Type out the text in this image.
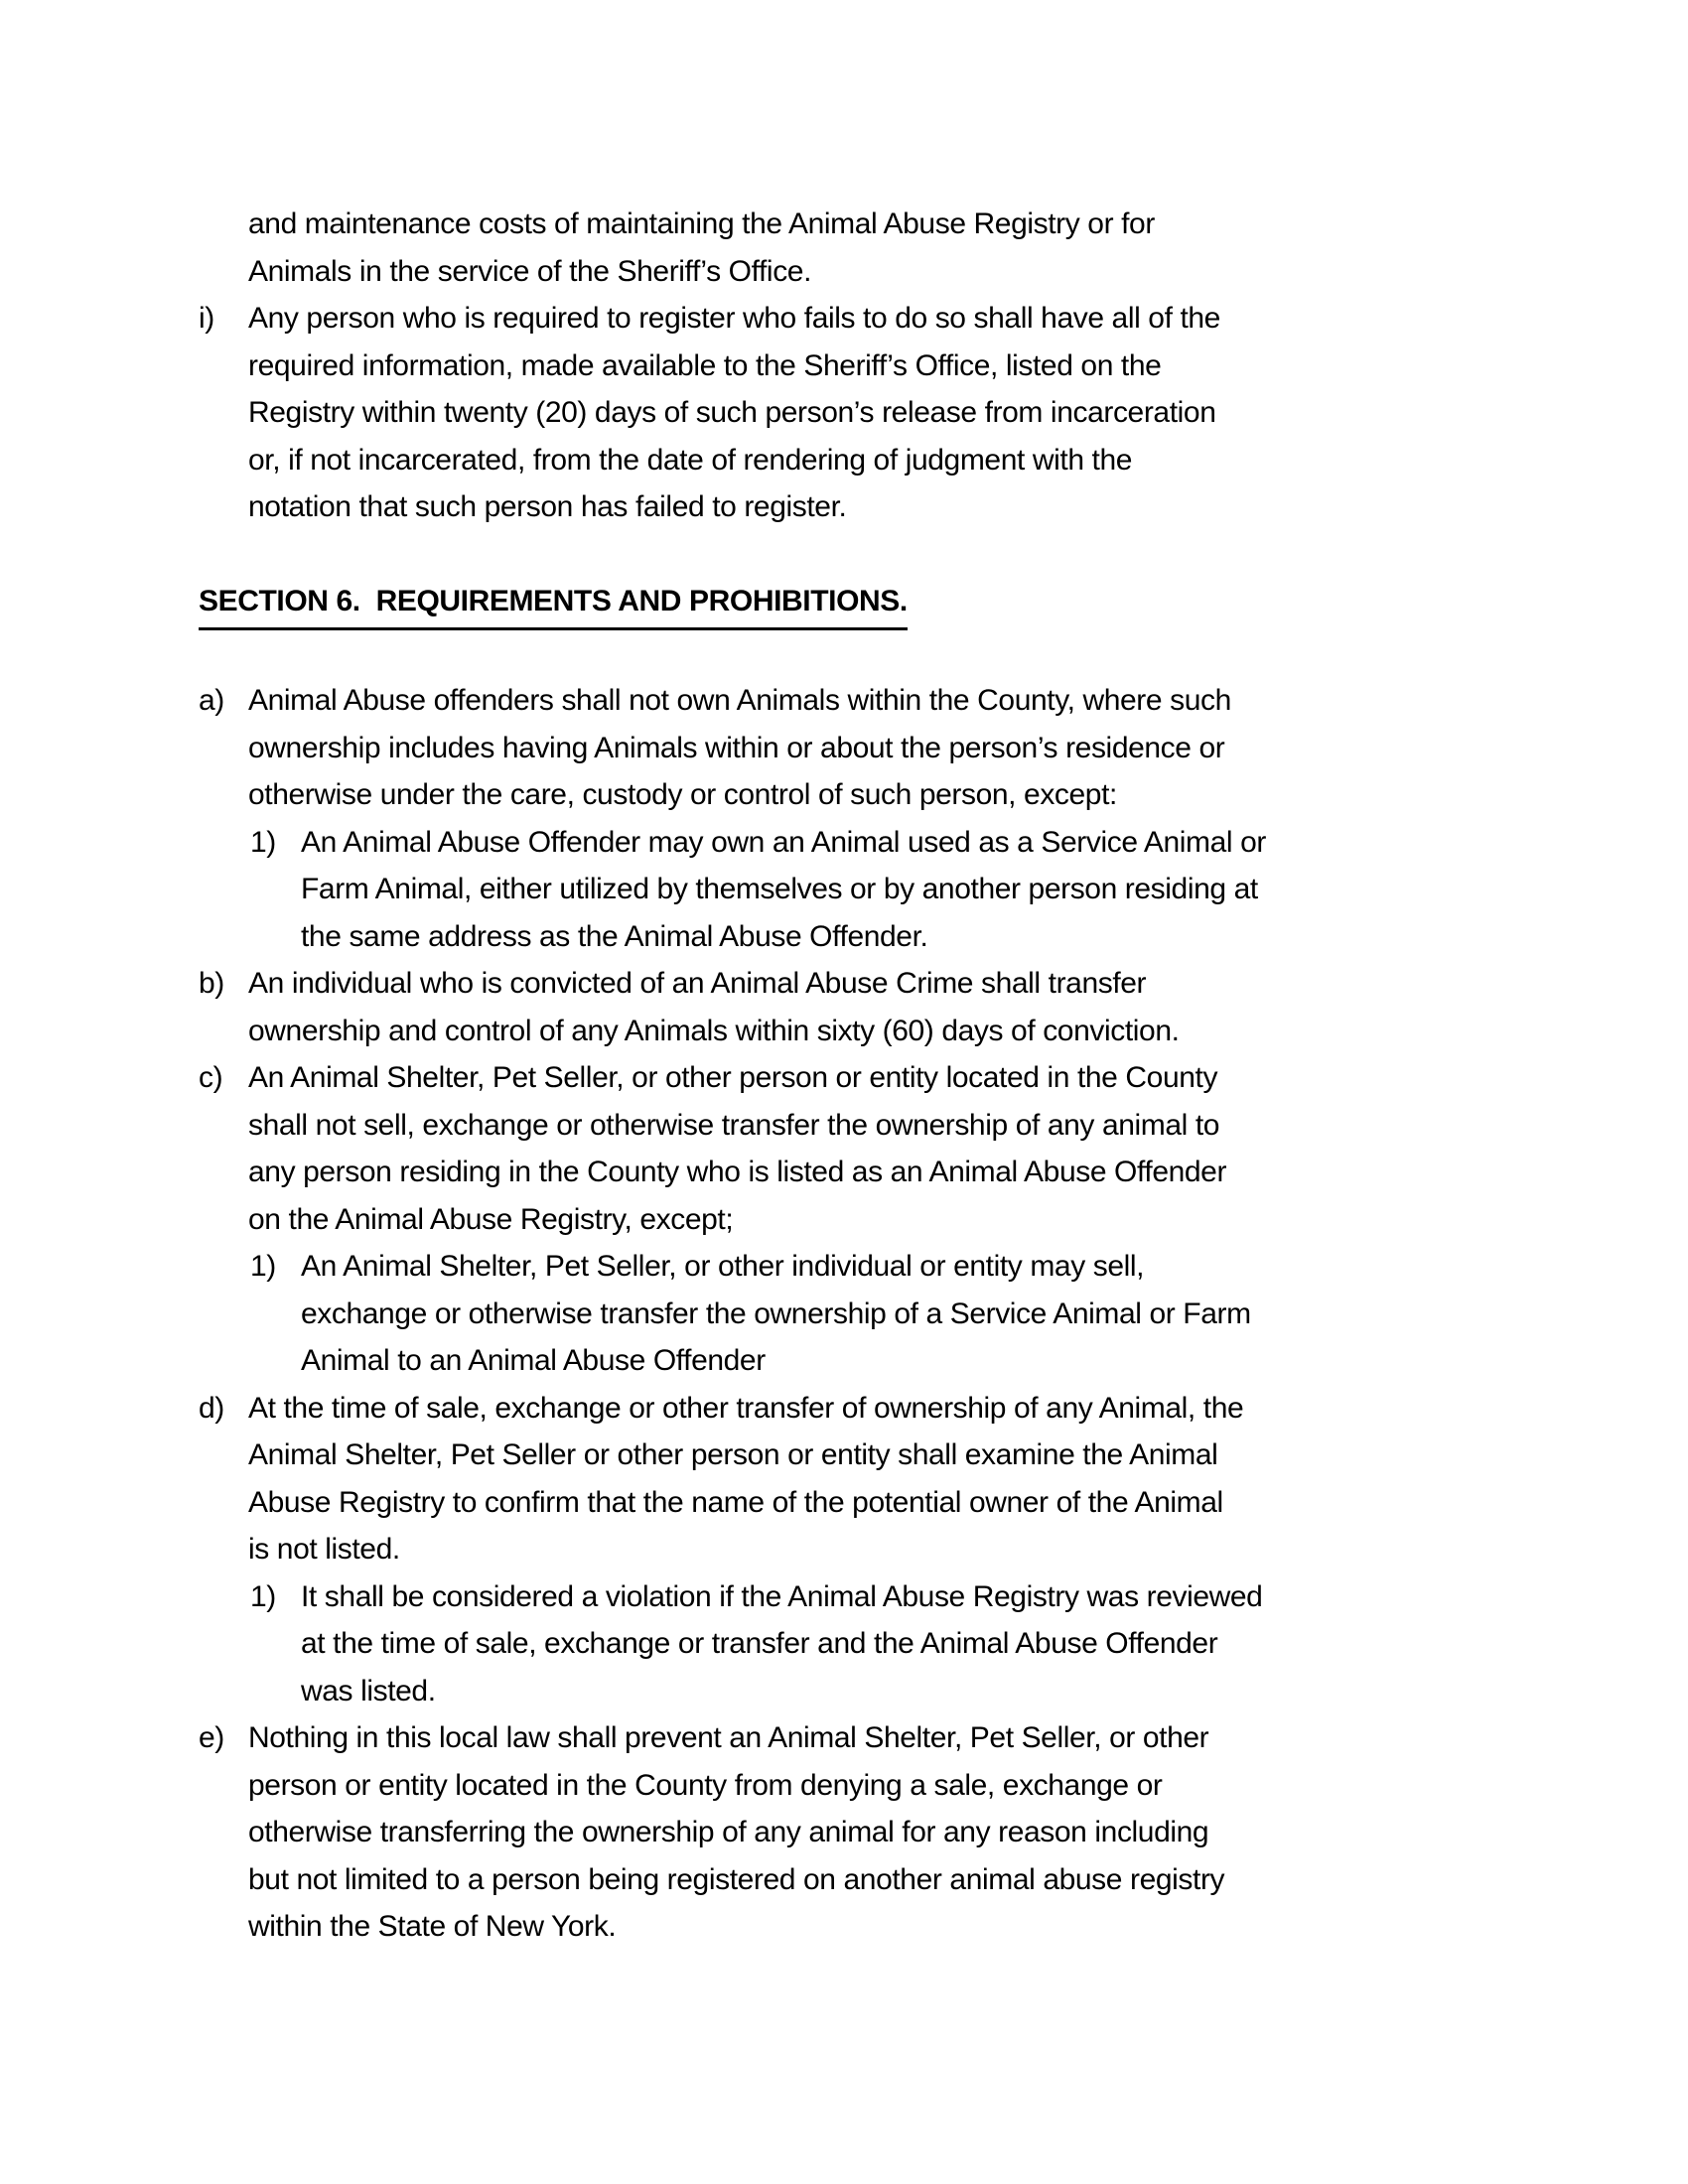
and maintenance costs of maintaining the Animal Abuse Registry or for
Animals in the service of the Sheriff’s Office.
i)	Any person who is required to register who fails to do so shall have all of the
required information, made available to the Sheriff’s Office, listed on the
Registry within twenty (20) days of such person’s release from incarceration
or, if not incarcerated, from the date of rendering of judgment with the
notation that such person has failed to register.
SECTION 6.  REQUIREMENTS AND PROHIBITIONS.
a) Animal Abuse offenders shall not own Animals within the County, where such
ownership includes having Animals within or about the person’s residence or
otherwise under the care, custody or control of such person, except:
1) An Animal Abuse Offender may own an Animal used as a Service Animal or
Farm Animal, either utilized by themselves or by another person residing at
the same address as the Animal Abuse Offender.
b) An individual who is convicted of an Animal Abuse Crime shall transfer
ownership and control of any Animals within sixty (60) days of conviction.
c) An Animal Shelter, Pet Seller, or other person or entity located in the County
shall not sell, exchange or otherwise transfer the ownership of any animal to
any person residing in the County who is listed as an Animal Abuse Offender
on the Animal Abuse Registry, except;
1) An Animal Shelter, Pet Seller, or other individual or entity may sell,
exchange or otherwise transfer the ownership of a Service Animal or Farm
Animal to an Animal Abuse Offender
d) At the time of sale, exchange or other transfer of ownership of any Animal, the
Animal Shelter, Pet Seller or other person or entity shall examine the Animal
Abuse Registry to confirm that the name of the potential owner of the Animal
is not listed.
1) It shall be considered a violation if the Animal Abuse Registry was reviewed
at the time of sale, exchange or transfer and the Animal Abuse Offender
was listed.
e) Nothing in this local law shall prevent an Animal Shelter, Pet Seller, or other
person or entity located in the County from denying a sale, exchange or
otherwise transferring the ownership of any animal for any reason including
but not limited to a person being registered on another animal abuse registry
within the State of New York.
